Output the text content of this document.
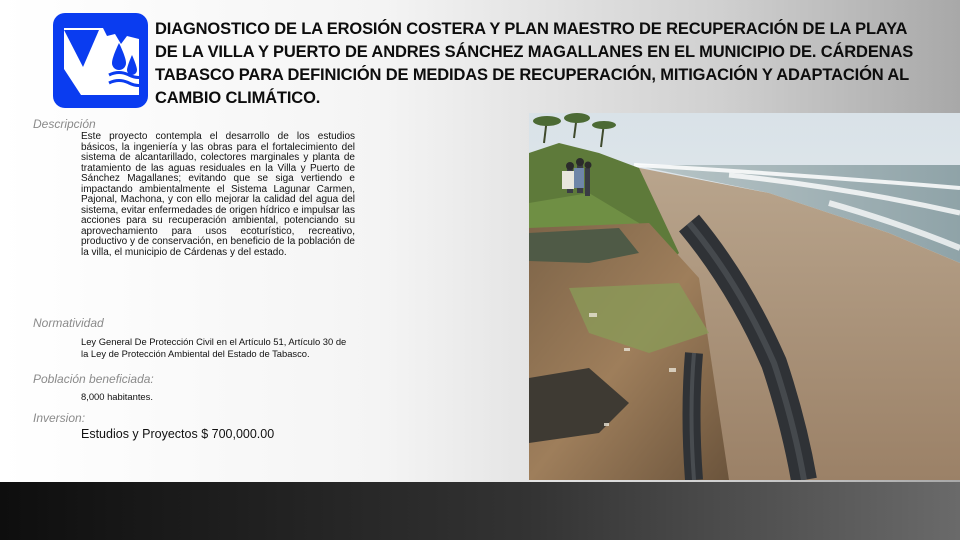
DIAGNOSTICO DE LA EROSIÓN COSTERA Y PLAN MAESTRO DE RECUPERACIÓN DE LA PLAYA DE LA VILLA Y PUERTO DE ANDRES SÁNCHEZ MAGALLANES EN EL MUNICIPIO DE. CÁRDENAS TABASCO PARA DEFINICIÓN DE MEDIDAS DE RECUPERACIÓN, MITIGACIÓN Y ADAPTACIÓN AL CAMBIO CLIMÁTICO.
Descripción

Este proyecto contempla el desarrollo de los estudios básicos, la ingeniería y las obras para el fortalecimiento del sistema de alcantarillado, colectores marginales y planta de tratamiento de las aguas residuales en la Villa y Puerto de Sánchez Magallanes; evitando que se siga vertiendo e impactando ambientalmente el Sistema Lagunar Carmen, Pajonal, Machona, y con ello mejorar la calidad del agua del sistema, evitar enfermedades de origen hídrico e impulsar las acciones para su recuperación ambiental, potenciando su aprovechamiento para usos ecoturístico, recreativo, productivo y de conservación, en beneficio de la población de la villa, el municipio de Cárdenas y del estado.

Normatividad

Ley General De Protección Civil en el Artículo 51, Artículo 30 de la Ley de Protección Ambiental del Estado de Tabasco.

Población beneficiada:

8,000 habitantes.

Inversion:

Estudios y Proyectos $ 700,000.00
